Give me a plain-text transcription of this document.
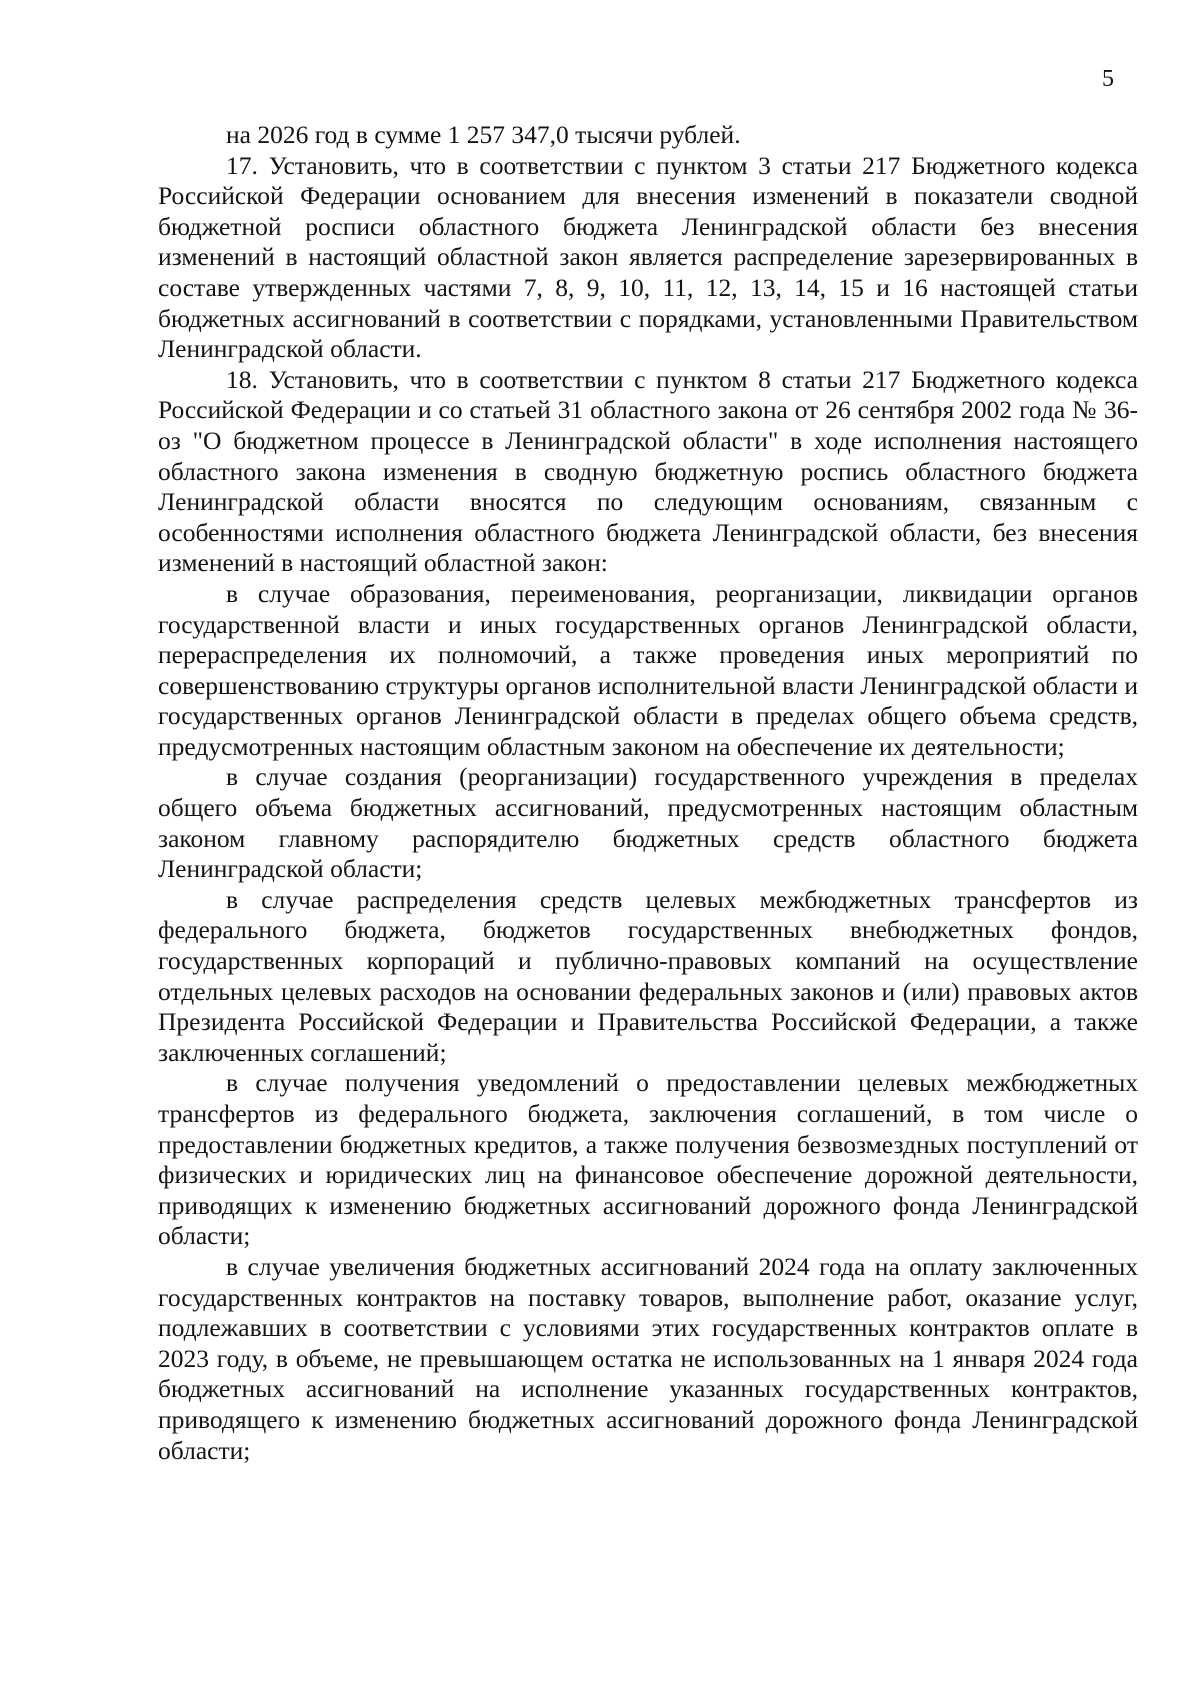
5

на 2026 год в сумме 1 257 347,0 тысячи рублей.

17. Установить, что в соответствии с пунктом 3 статьи 217 Бюджетного кодекса Российской Федерации основанием для внесения изменений в показатели сводной бюджетной росписи областного бюджета Ленинградской области без внесения изменений в настоящий областной закон является распределение зарезервированных в составе утвержденных частями 7, 8, 9, 10, 11, 12, 13, 14, 15 и 16 настоящей статьи бюджетных ассигнований в соответствии с порядками, установленными Правительством Ленинградской области.

18. Установить, что в соответствии с пунктом 8 статьи 217 Бюджетного кодекса Российской Федерации и со статьей 31 областного закона от 26 сентября 2002 года № 36-оз "О бюджетном процессе в Ленинградской области" в ходе исполнения настоящего областного закона изменения в сводную бюджетную роспись областного бюджета Ленинградской области вносятся по следующим основаниям, связанным с особенностями исполнения областного бюджета Ленинградской области, без внесения изменений в настоящий областной закон:

в случае образования, переименования, реорганизации, ликвидации органов государственной власти и иных государственных органов Ленинградской области, перераспределения их полномочий, а также проведения иных мероприятий по совершенствованию структуры органов исполнительной власти Ленинградской области и государственных органов Ленинградской области в пределах общего объема средств, предусмотренных настоящим областным законом на обеспечение их деятельности;

в случае создания (реорганизации) государственного учреждения в пределах общего объема бюджетных ассигнований, предусмотренных настоящим областным законом главному распорядителю бюджетных средств областного бюджета Ленинградской области;

в случае распределения средств целевых межбюджетных трансфертов из федерального бюджета, бюджетов государственных внебюджетных фондов, государственных корпораций и публично-правовых компаний на осуществление отдельных целевых расходов на основании федеральных законов и (или) правовых актов Президента Российской Федерации и Правительства Российской Федерации, а также заключенных соглашений;

в случае получения уведомлений о предоставлении целевых межбюджетных трансфертов из федерального бюджета, заключения соглашений, в том числе о предоставлении бюджетных кредитов, а также получения безвозмездных поступлений от физических и юридических лиц на финансовое обеспечение дорожной деятельности, приводящих к изменению бюджетных ассигнований дорожного фонда Ленинградской области;

в случае увеличения бюджетных ассигнований 2024 года на оплату заключенных государственных контрактов на поставку товаров, выполнение работ, оказание услуг, подлежавших в соответствии с условиями этих государственных контрактов оплате в 2023 году, в объеме, не превышающем остатка не использованных на 1 января 2024 года бюджетных ассигнований на исполнение указанных государственных контрактов, приводящего к изменению бюджетных ассигнований дорожного фонда Ленинградской области;
